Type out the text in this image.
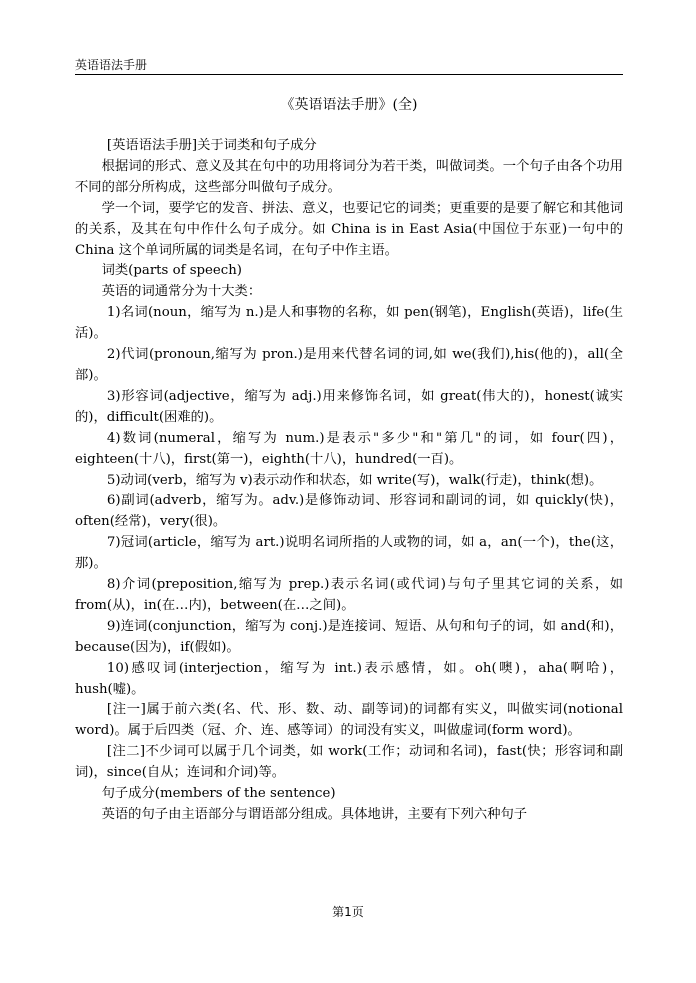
英语语法手册
《英语语法手册》(全)

[英语语法手册]关于词类和句子成分

根据词的形式、意义及其在句中的功用将词分为若干类，叫做词类。一个句子由各个功用不同的部分所构成，这些部分叫做句子成分。

学一个词，要学它的发音、拼法、意义，也要记它的词类；更重要的是要了解它和其他词的关系，及其在句中作什么句子成分。如 China is in East Asia(中国位于东亚)一句中的 China 这个单词所属的词类是名词，在句子中作主语。

词类(parts of speech)

英语的词通常分为十大类：

1)名词(noun，缩写为 n.)是人和事物的名称，如 pen(钢笔)，English(英语)，life(生活)。

2)代词(pronoun,缩写为 pron.)是用来代替名词的词,如 we(我们),his(他的)，all(全部)。

3)形容词(adjective，缩写为 adj.)用来修饰名词，如 great(伟大的)，honest(诚实的)，difficult(困难的)。

4)数词(numeral，缩写为 num.)是表示"多少"和"第几"的词，如 four(四)，eighteen(十八)，first(第一)，eighth(十八)，hundred(一百)。

5)动词(verb，缩写为 v)表示动作和状态，如 write(写)，walk(行走)，think(想)。

6)副词(adverb，缩写为。adv.)是修饰动词、形容词和副词的词，如 quickly(快)，often(经常)，very(很)。

7)冠词(article，缩写为 art.)说明名词所指的人或物的词，如 a，an(一个)，the(这，那)。

8)介词(preposition,缩写为 prep.)表示名词(或代词)与句子里其它词的关系，如 from(从)，in(在…内)，between(在…之间)。

9)连词(conjunction，缩写为 conj.)是连接词、短语、从句和句子的词，如 and(和)，because(因为)，if(假如)。

10)感叹词(interjection，缩写为 int.)表示感情，如。oh(噢)，aha(啊哈)，hush(嘘)。

[注一]属于前六类(名、代、形、数、动、副等词)的词都有实义，叫做实词(notional word)。属于后四类（冠、介、连、感等词）的词没有实义，叫做虚词(form word)。

[注二]不少词可以属于几个词类，如 work(工作；动词和名词)，fast(快；形容词和副词)，since(自从；连词和介词)等。

句子成分(members of the sentence)

英语的句子由主语部分与谓语部分组成。具体地讲，主要有下列六种句子

第1页
